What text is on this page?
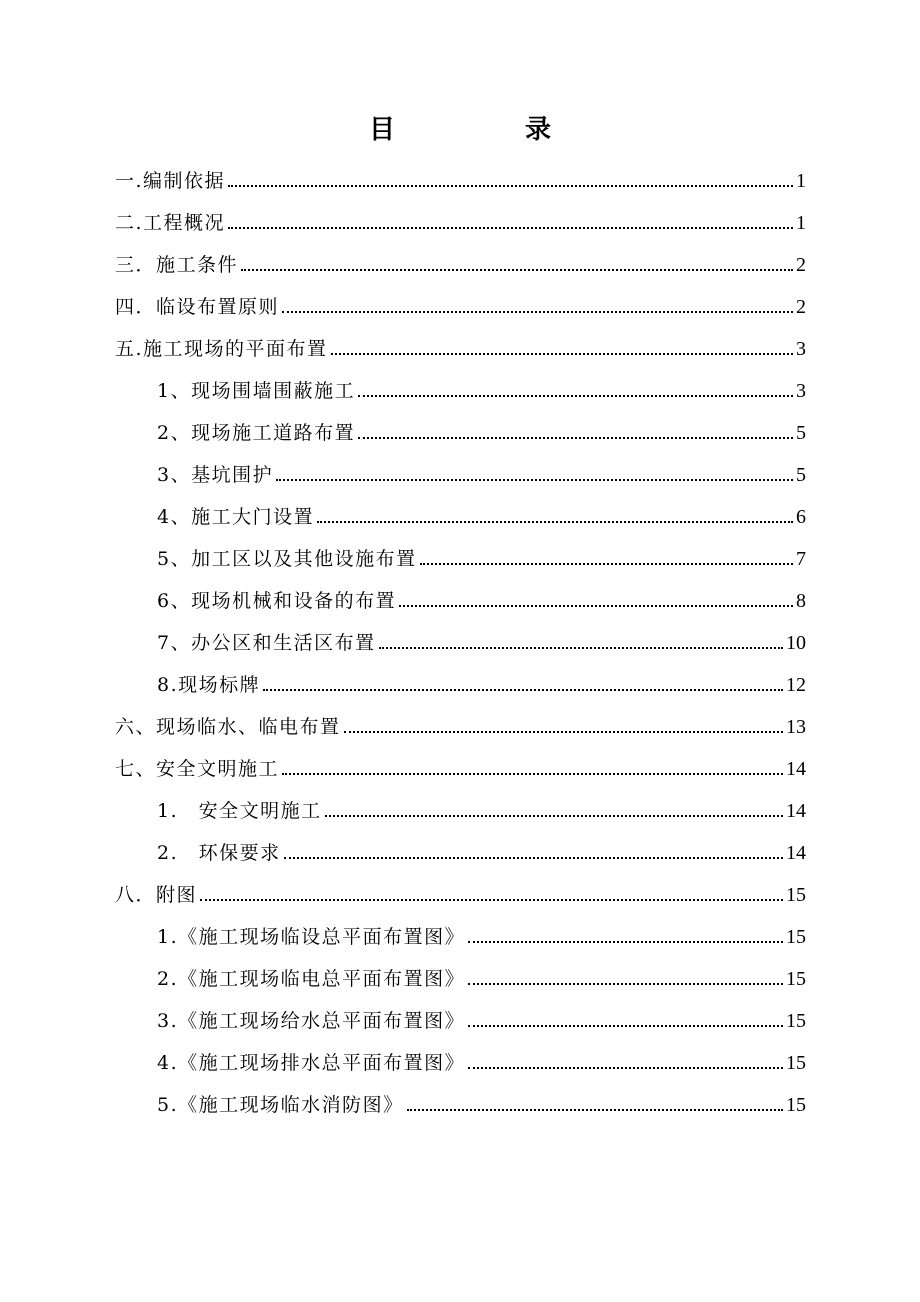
目　录
一.编制依据	1
二.工程概况	1
三．施工条件	2
四．临设布置原则	2
五.施工现场的平面布置	3
1、现场围墙围蔽施工	3
2、现场施工道路布置	5
3、基坑围护	5
4、施工大门设置	6
5、加工区以及其他设施布置	7
6、现场机械和设备的布置	8
7、办公区和生活区布置	10
8.现场标牌	12
六、现场临水、临电布置	13
七、安全文明施工	14
1.　安全文明施工	14
2.　环保要求	14
八．附图	15
1.《施工现场临设总平面布置图》	15
2.《施工现场临电总平面布置图》	15
3.《施工现场给水总平面布置图》	15
4.《施工现场排水总平面布置图》	15
5.《施工现场临水消防图》	15
